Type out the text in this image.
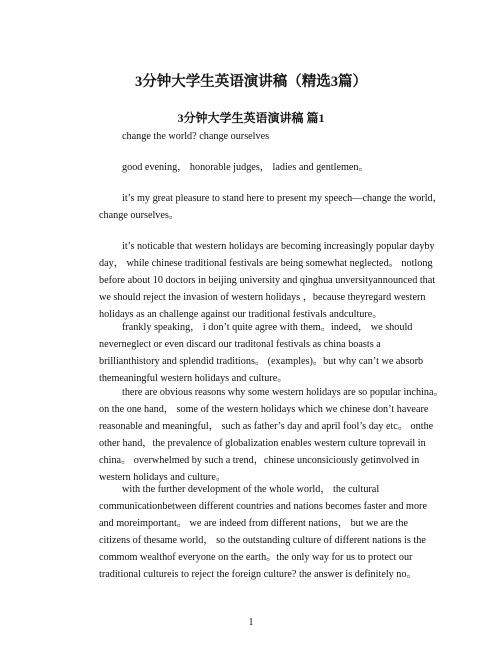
3分钟大学生英语演讲稿（精选3篇）
3分钟大学生英语演讲稿 篇1

change the world? change ourselves

good evening， honorable judges， ladies and gentlemen。

it’s my great pleasure to stand here to present my speech—change the world，
change ourselves。

it’s noticable that western holidays are becoming increasingly popular dayby
day， while chinese traditional festivals are being somewhat neglected。 notlong
before about 10 doctors in beijing university and qinghua unversityannounced that
we should reject the invasion of western holidays ，because theyregard western
holidays as an challenge against our traditional festivals andculture。

frankly speaking， i don’t quite agree with them。indeed， we should
neverneglect or even discard our traditonal festivals as china boasts a
brillianthistory and splendid traditions。 (examples)。but why can’t we absorb
themeaningful western holidays and culture。

there are obvious reasons why some western holidays are so popular inchina。
on the one hand， some of the western holidays which we chinese don’t haveare
reasonable and meaningful， such as father’s day and april fool’s day etc。 onthe
other hand，the prevalence of globalization enables western culture toprevail in
china。 overwhelmed by such a trend，chinese unconsiciously getinvolved in
western holidays and culture。

with the further development of the whole world， the cultural
communicationbetween different countries and nations becomes faster and more
and moreimportant。 we are indeed from different nations， but we are the
citizens of thesame world， so the outstanding culture of different nations is the
commom wealthof everyone on the earth。the only way for us to protect our
traditional cultureis to reject the foreign culture? the answer is definitely no。

1
